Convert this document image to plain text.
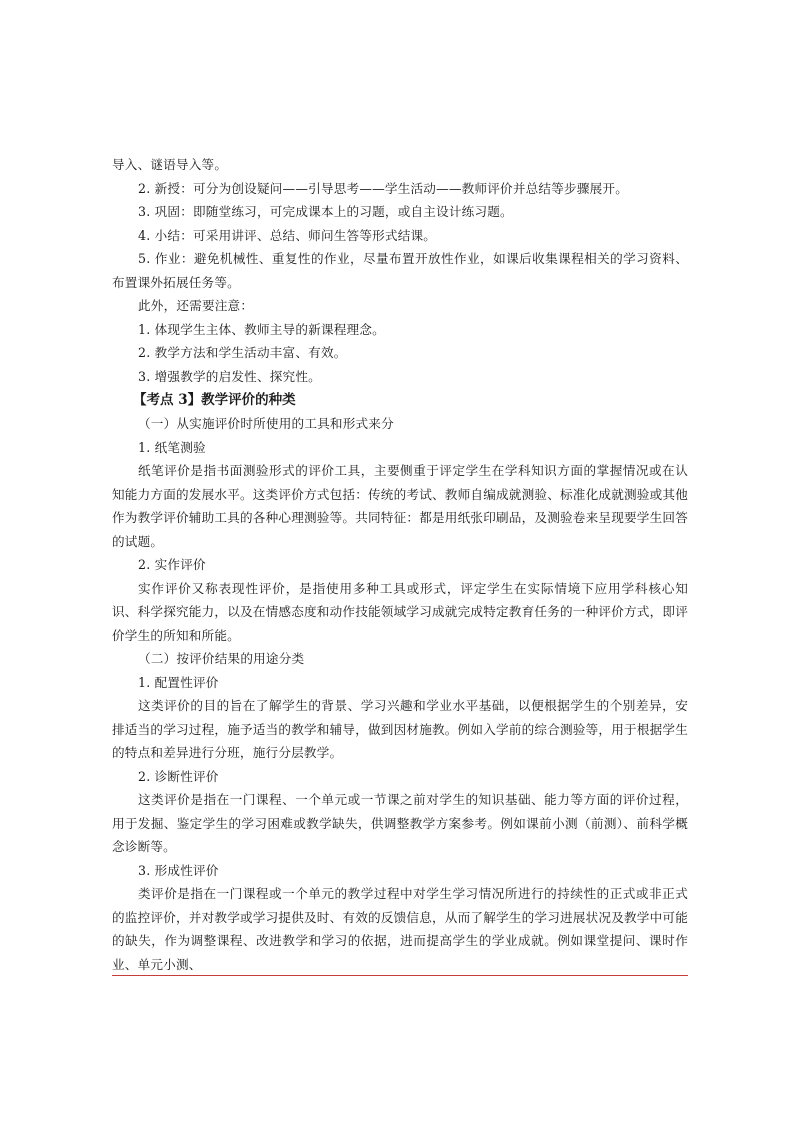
导入、谜语导入等。

2. 新授：可分为创设疑问——引导思考——学生活动——教师评价并总结等步骤展开。

3. 巩固：即随堂练习，可完成课本上的习题，或自主设计练习题。

4. 小结：可采用讲评、总结、师问生答等形式结课。

5. 作业：避免机械性、重复性的作业，尽量布置开放性作业，如课后收集课程相关的学习资料、布置课外拓展任务等。

此外，还需要注意：

1. 体现学生主体、教师主导的新课程理念。

2. 教学方法和学生活动丰富、有效。

3. 增强教学的启发性、探究性。

【考点 3】教学评价的种类

（一）从实施评价时所使用的工具和形式来分

1. 纸笔测验

纸笔评价是指书面测验形式的评价工具，主要侧重于评定学生在学科知识方面的掌握情况或在认知能力方面的发展水平。这类评价方式包括：传统的考试、教师自编成就测验、标准化成就测验或其他作为教学评价辅助工具的各种心理测验等。共同特征：都是用纸张印刷品，及测验卷来呈现要学生回答的试题。

2. 实作评价

实作评价又称表现性评价，是指使用多种工具或形式，评定学生在实际情境下应用学科核心知识、科学探究能力，以及在情感态度和动作技能领域学习成就完成特定教育任务的一种评价方式，即评价学生的所知和所能。

（二）按评价结果的用途分类

1. 配置性评价

这类评价的目的旨在了解学生的背景、学习兴趣和学业水平基础，以便根据学生的个别差异，安排适当的学习过程，施予适当的教学和辅导，做到因材施教。例如入学前的综合测验等，用于根据学生的特点和差异进行分班，施行分层教学。

2. 诊断性评价

这类评价是指在一门课程、一个单元或一节课之前对学生的知识基础、能力等方面的评价过程，用于发掘、鉴定学生的学习困难或教学缺失，供调整教学方案参考。例如课前小测（前测）、前科学概念诊断等。

3. 形成性评价

类评价是指在一门课程或一个单元的教学过程中对学生学习情况所进行的持续性的正式或非正式的监控评价，并对教学或学习提供及时、有效的反馈信息，从而了解学生的学习进展状况及教学中可能的缺失，作为调整课程、改进教学和学习的依据，进而提高学生的学业成就。例如课堂提问、课时作业、单元小测、
